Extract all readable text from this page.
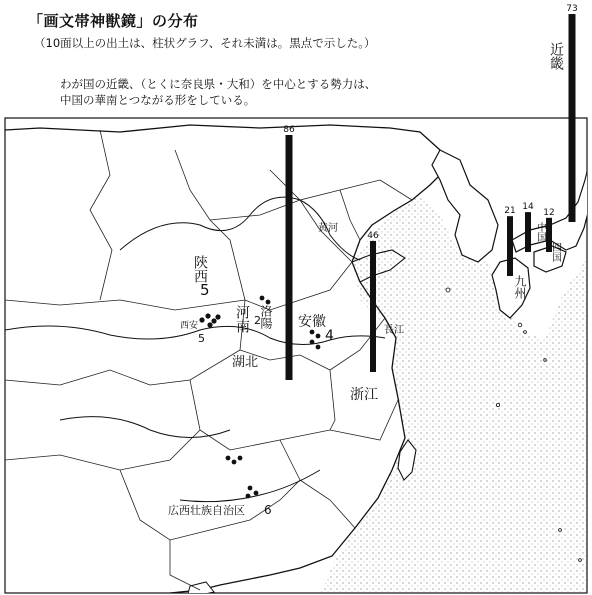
「画文帯神獣鏡」の分布
（10面以上の出土は、柱状グラフ、それ未満は。黒点で示した。）
わが国の近畿、（とくに奈良県・大和）を中心とする勢力は、
中国の華南とつながる形をしている。
73
86
46
21 14
12
黄河
長江
陝西
5
西安
5
河南 2
洛陽 安徽
4
湖北
浙江
広西壮族自治区 6
九州
中国
四国
近畿
